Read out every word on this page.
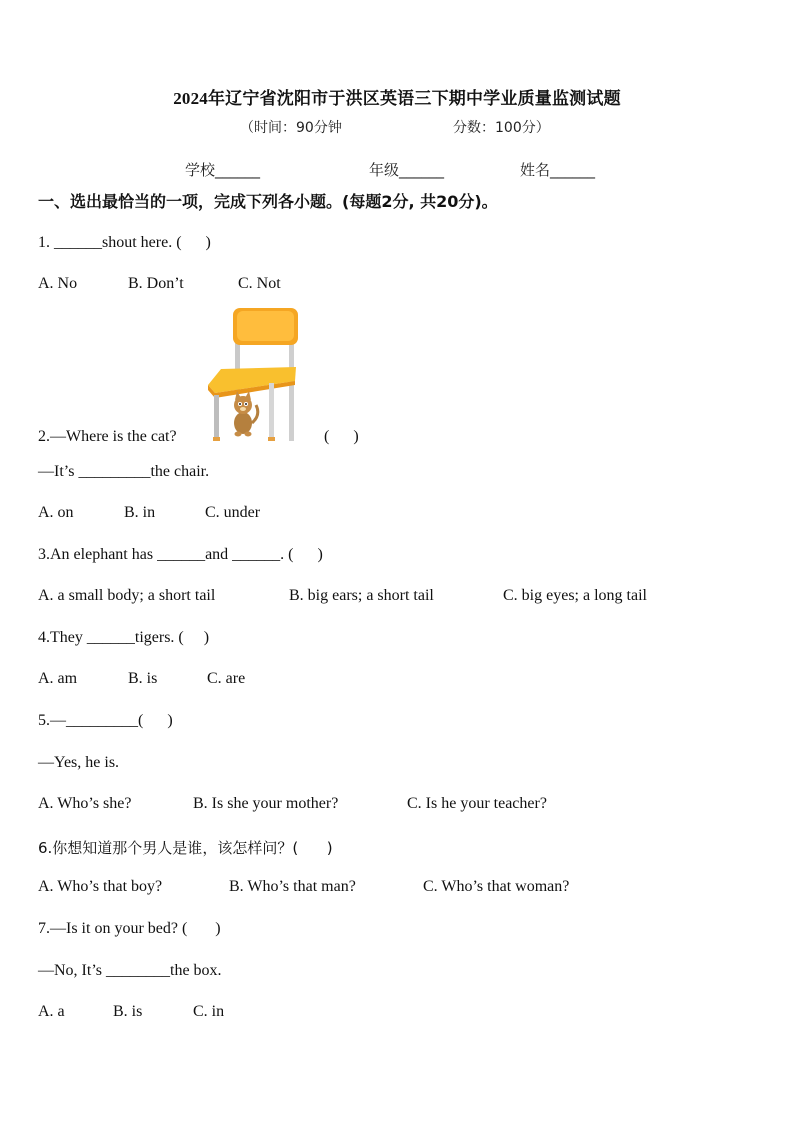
2024年辽宁省沈阳市于洪区英语三下期中学业质量监测试题
（时间：90分钟	分数：100分）
学校______	年级______	姓名______
一、选出最恰当的一项，完成下列各小题。(每题2分, 共20分)。
1. ______shout here. (      )
A. No	B. Don’t	C. Not
2.—Where is the cat?	(      )
—It’s _________the chair.
A. on	B. in	C. under
3.An elephant has ______and ______. (      )
A. a small body; a short tail	B. big ears; a short tail	C. big eyes; a long tail
4.They ______tigers. (     )
A. am	B. is	C. are
5.—_________(      )
—Yes, he is.
A. Who’s she?	B. Is she your mother?	C. Is he your teacher?
6.你想知道那个男人是谁，该怎样问？(      )
A. Who’s that boy?	B. Who’s that man?	C. Who’s that woman?
7.—Is it on your bed? (       )
—No, It’s ________the box.
A. a	B. is	C. in
